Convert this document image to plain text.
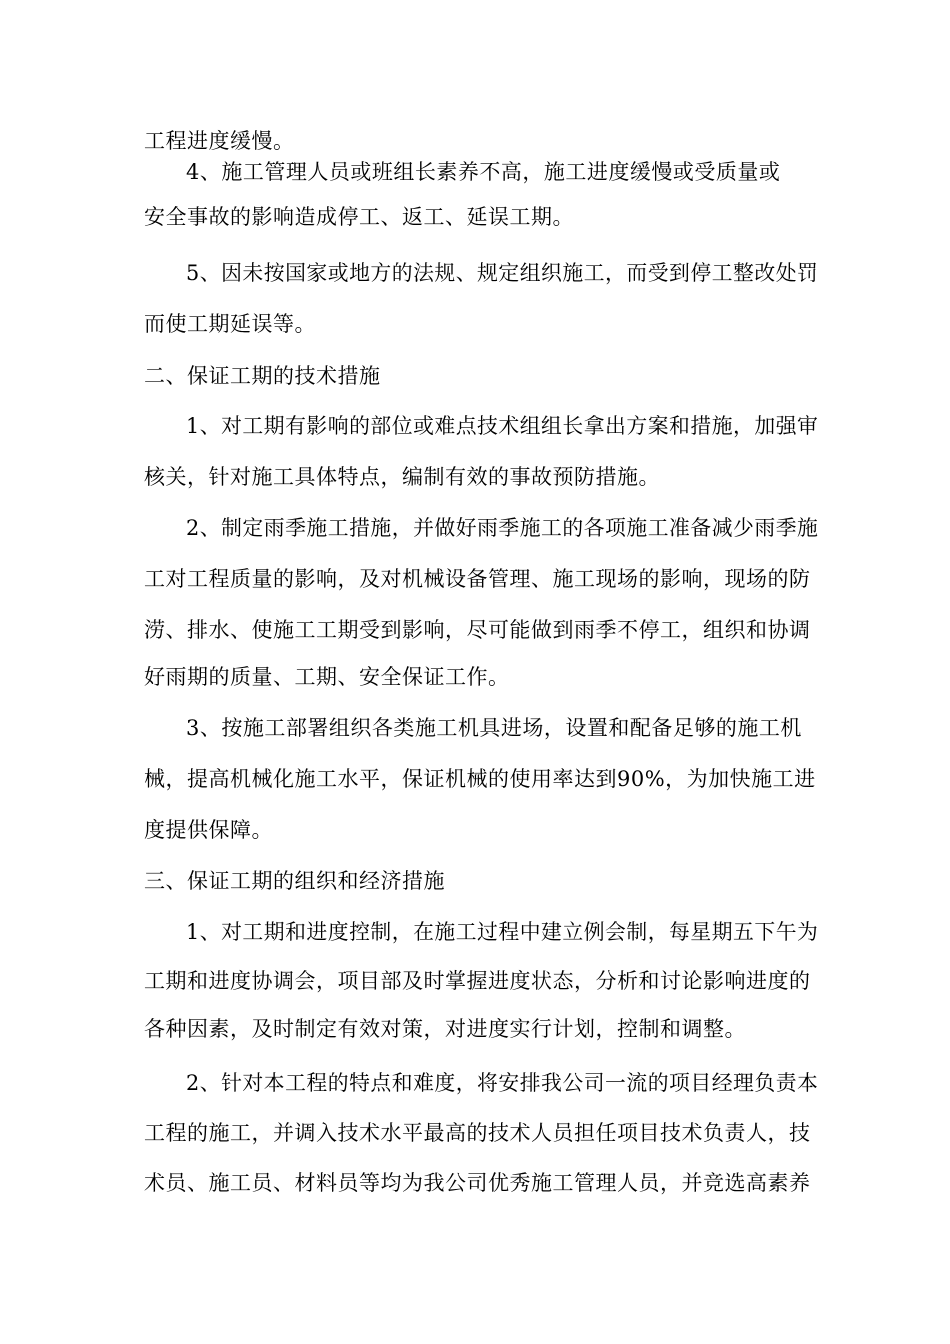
工程进度缓慢。
4、施工管理人员或班组长素养不高，施工进度缓慢或受质量或
安全事故的影响造成停工、返工、延误工期。
5、因未按国家或地方的法规、规定组织施工，而受到停工整改处罚
而使工期延误等。
二、保证工期的技术措施
1、对工期有影响的部位或难点技术组组长拿出方案和措施，加强审
核关，针对施工具体特点，编制有效的事故预防措施。
2、制定雨季施工措施，并做好雨季施工的各项施工准备减少雨季施
工对工程质量的影响，及对机械设备管理、施工现场的影响，现场的防
涝、排水、使施工工期受到影响，尽可能做到雨季不停工，组织和协调
好雨期的质量、工期、安全保证工作。
3、按施工部署组织各类施工机具进场，设置和配备足够的施工机
械，提高机械化施工水平，保证机械的使用率达到90%，为加快施工进
度提供保障。
三、保证工期的组织和经济措施
1、对工期和进度控制，在施工过程中建立例会制，每星期五下午为
工期和进度协调会，项目部及时掌握进度状态，分析和讨论影响进度的
各种因素，及时制定有效对策，对进度实行计划，控制和调整。
2、针对本工程的特点和难度，将安排我公司一流的项目经理负责本
工程的施工，并调入技术水平最高的技术人员担任项目技术负责人，技
术员、施工员、材料员等均为我公司优秀施工管理人员，并竞选高素养
